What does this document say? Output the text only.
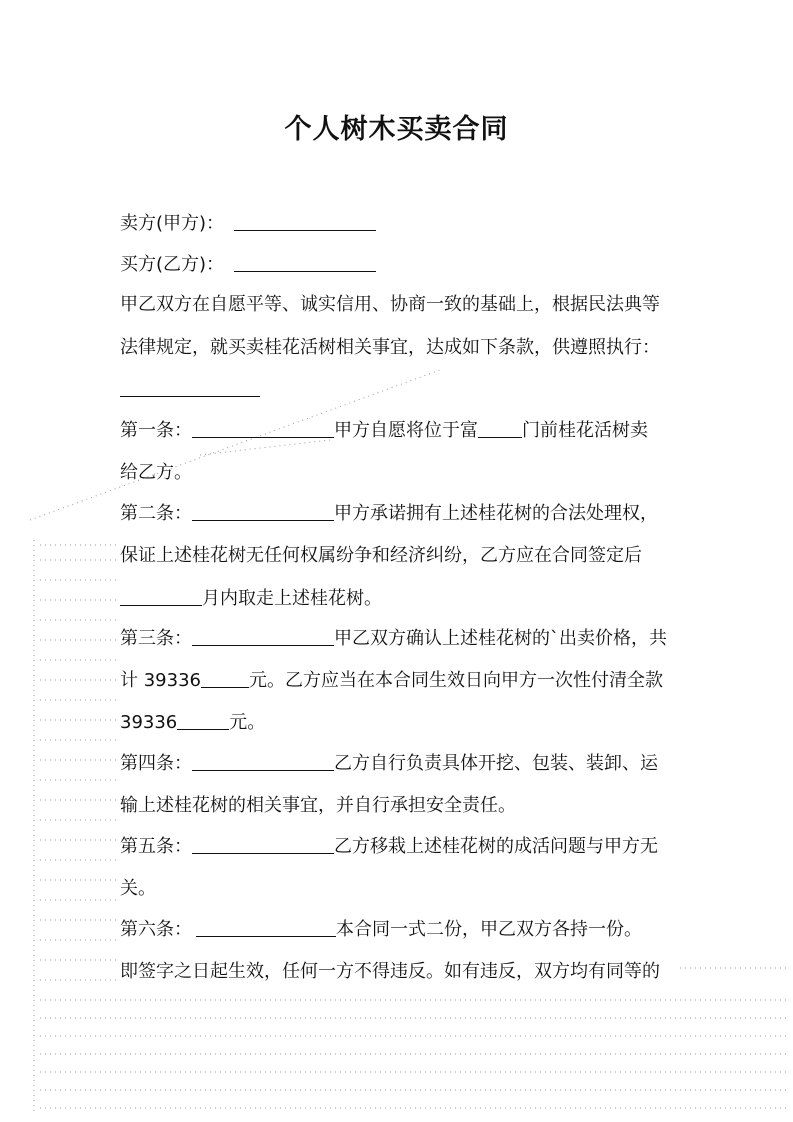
个人树木买卖合同
卖方(甲方)：
买方(乙方)：
甲乙双方在自愿平等、诚实信用、协商一致的基础上，根据民法典等
法律规定，就买卖桂花活树相关事宜，达成如下条款，供遵照执行：
第一条：	甲方自愿将位于富 门前桂花活树卖
给乙方。
第二条：	甲方承诺拥有上述桂花树的合法处理权，
保证上述桂花树无任何权属纷争和经济纠纷，乙方应在合同签定后
月内取走上述桂花树。
第三条：	甲乙双方确认上述桂花树的`出卖价格，共
计 39336	元。乙方应当在本合同生效日向甲方一次性付清全款
39336	元。
第四条：	乙方自行负责具体开挖、包装、装卸、运
输上述桂花树的相关事宜，并自行承担安全责任。
第五条：	乙方移栽上述桂花树的成活问题与甲方无
关。
第六条：	本合同一式二份，甲乙双方各持一份。
即签字之日起生效，任何一方不得违反。如有违反，双方均有同等的
